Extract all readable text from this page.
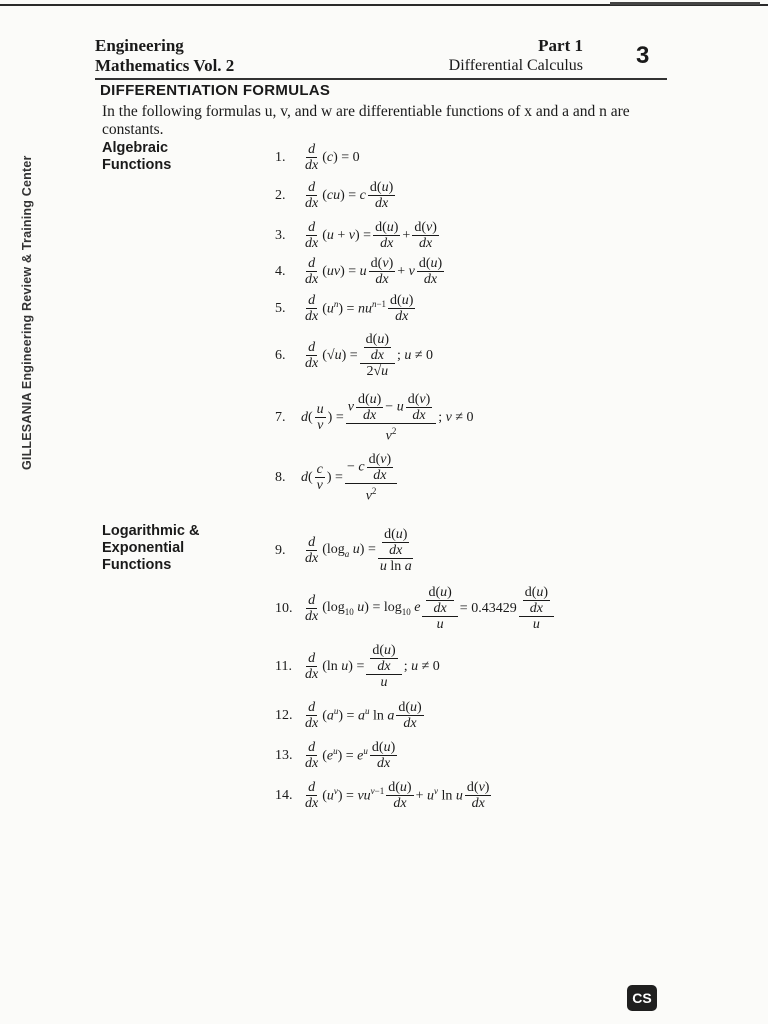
Engineering
Mathematics Vol. 2
Part 1
Differential Calculus 3
GILLESANIA Engineering Review & Training Center
DIFFERENTIATION FORMULAS
In the following formulas u, v, and w are differentiable functions of x and a and n are constants.
Algebraic
Functions
Logarithmic &
Exponential
Functions
1.	d
dx
(c) = 0
2.	d
dx
(cu) = c d(u)
dx
3.	d
dx
$(u + v) = \frac{d(u)}{dx} + \frac{d(v)}{dx}$
4.	d
dx
(uv) = u d(v)
dx
+ v d(u)
dx
5.	d
dx $(u^n) = nu^{n-1}$ d(u)
dx
6.	d
dx
$(√u) = \frac{\frac{d(u)}{dx}}{2√u}$ ; u ≠ 0
7.	d( u
v
) = $\frac{v \frac{d(u)}{dx} - u \frac{d(v)}{dx}}{v^2}$ ; v ≠ 0
8.	d( c
v
) = $\frac{- c \frac{d(v)}{dx}}{v^2}$
9.	d
dx
($\log_a$ $u) = \frac{\frac{d(u)}{dx}}{\text{u ln a}}$
10.	d
dx
($\log_{10}$ $u) = \log_{10} e \frac{\frac{d(u)}{dx}}{u} = 0.43429 \frac{d(u)}{dx}$
u
11.	d
dx
(ln $u) = \frac{\frac{d(u)}{dx}}{u}$ ; u ≠ 0
12.	d
dx $(a^u) = a^u$ ln a
d(u)
dx
13.	d
dx $(e^u) = e^u$ d(u)
dx
14.	d
dx $(u^v) = vu^{v-1}$ d(u)
dx + $u^v$ ln u
d(v)
dx
CS
